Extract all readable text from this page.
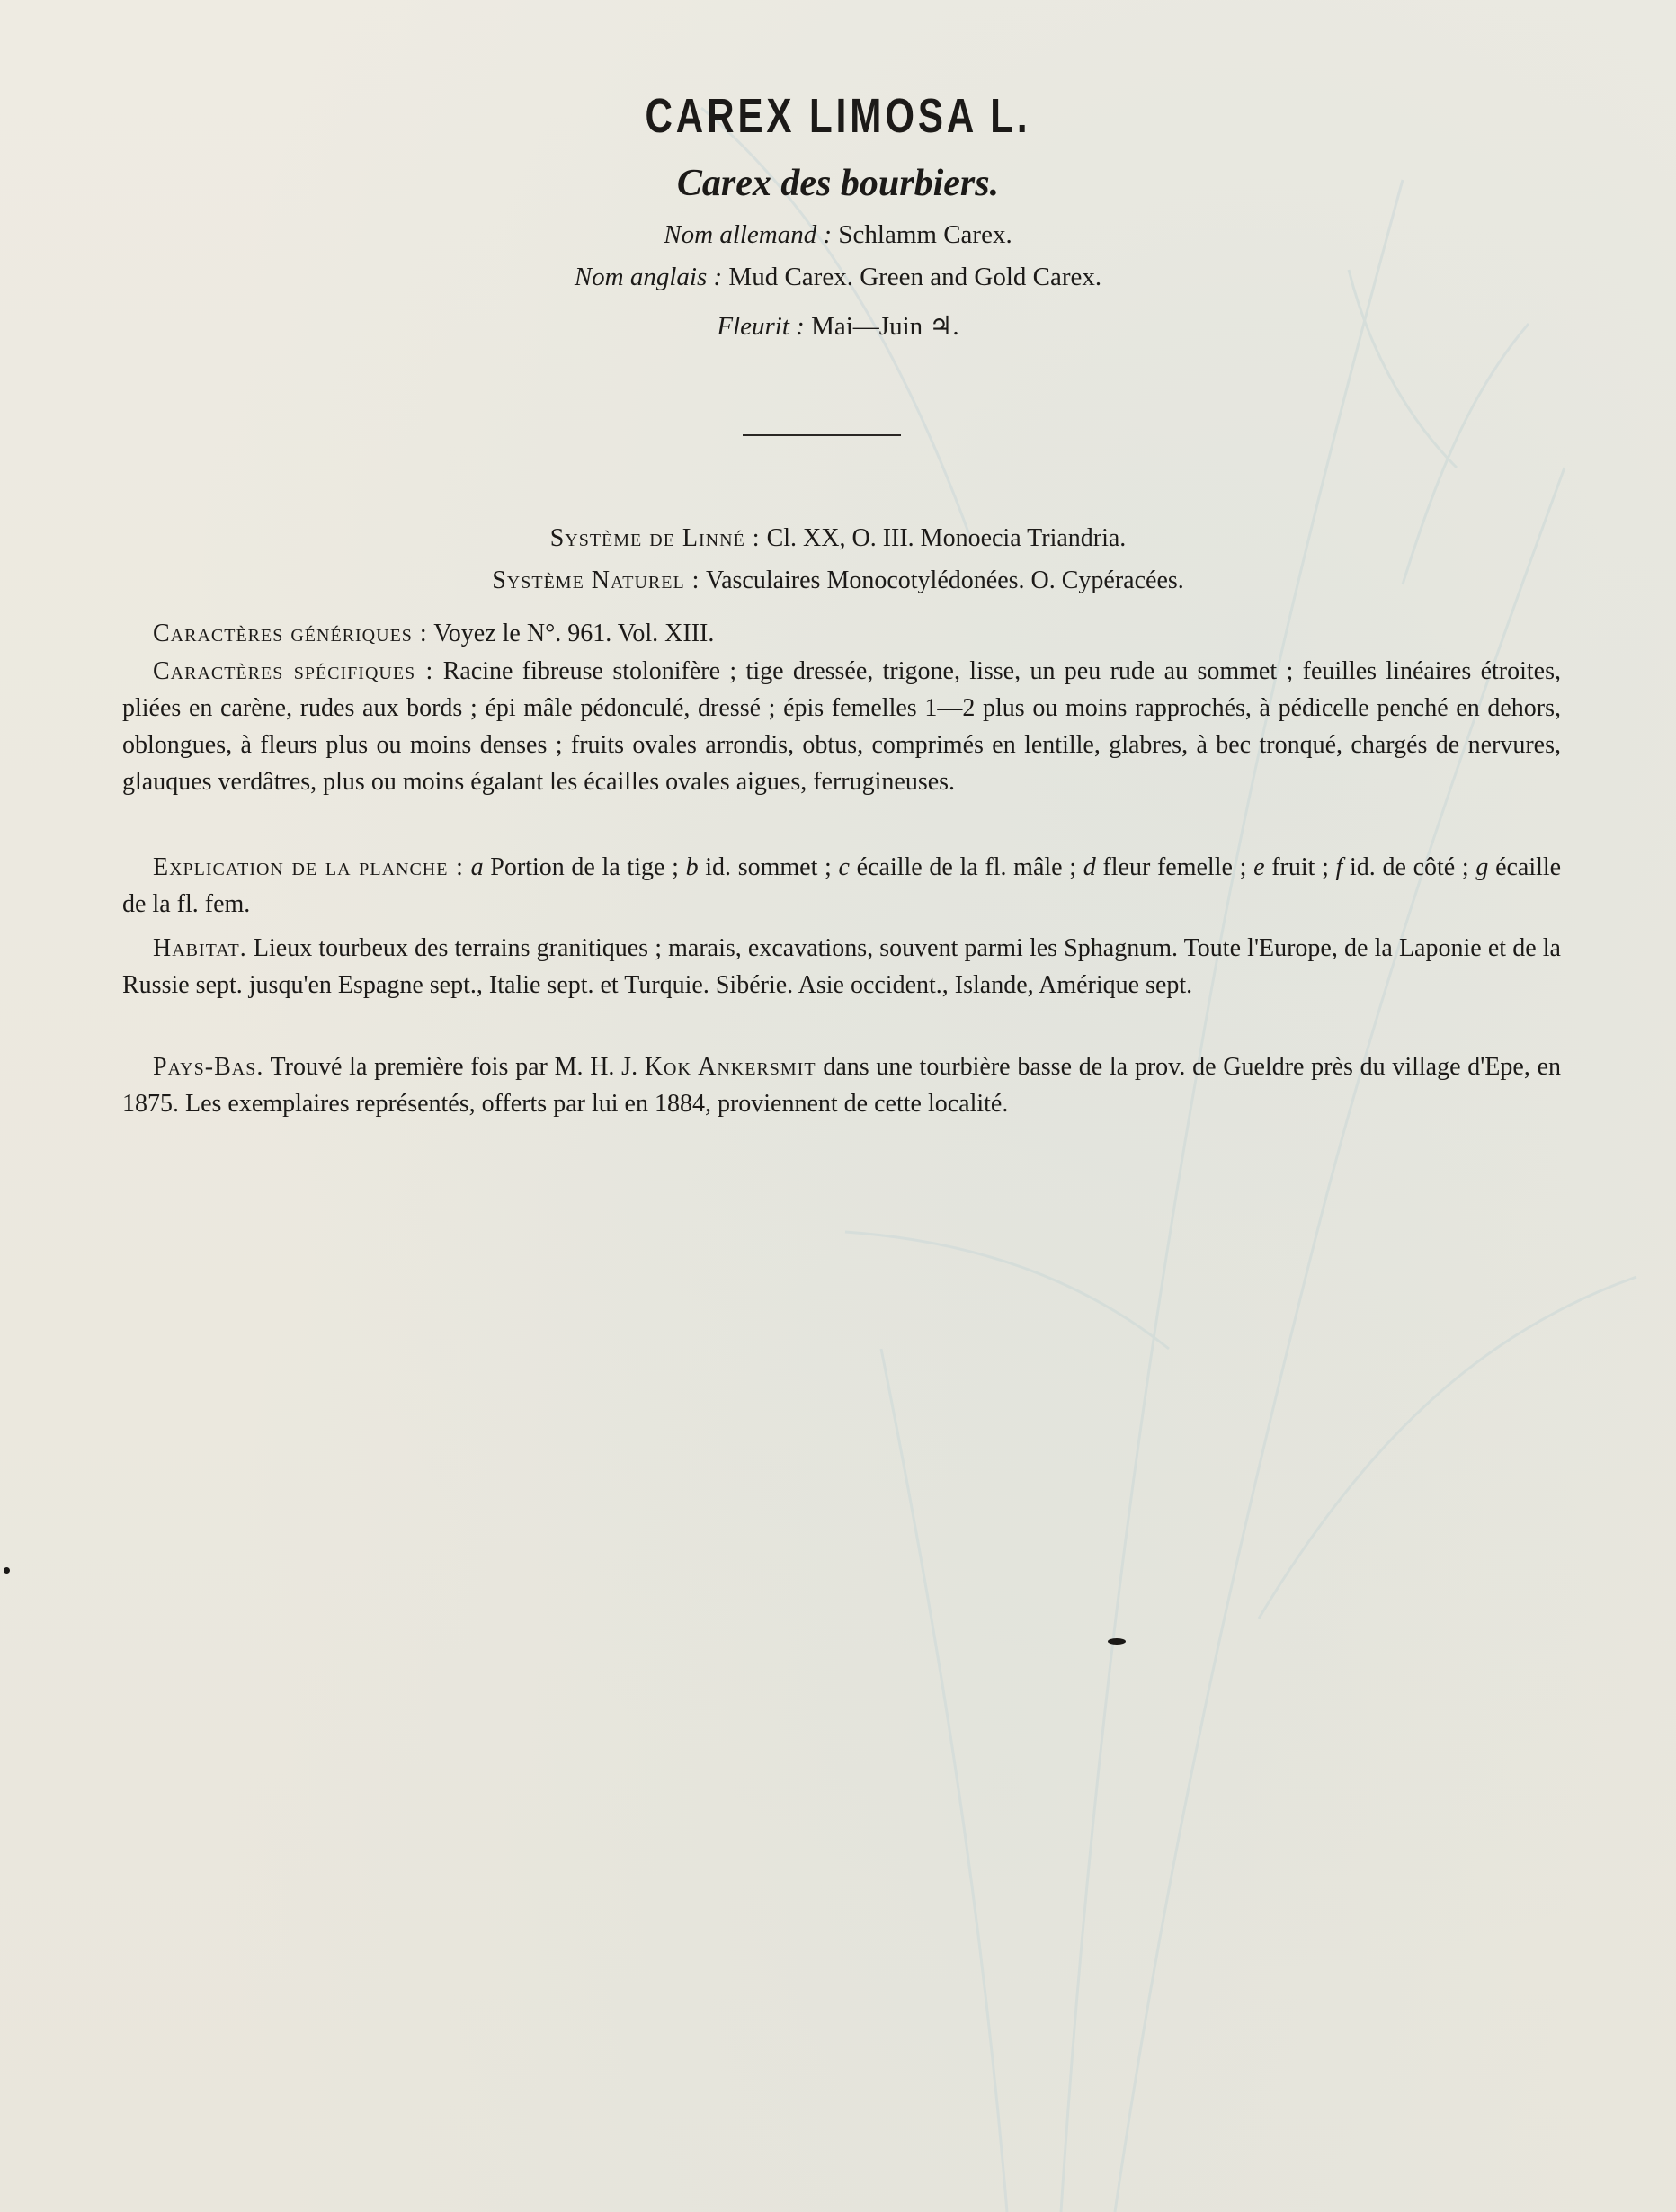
CAREX LIMOSA L.
Carex des bourbiers.
Nom allemand : Schlamm Carex.
Nom anglais : Mud Carex. Green and Gold Carex.
Fleurit : Mai—Juin ♃.
Système de Linné : Cl. XX, O. III. Monoecia Triandria.
Système Naturel : Vasculaires Monocotylédonées. O. Cypéracées.
Caractères génériques : Voyez le N°. 961. Vol. XIII.
Caractères spécifiques : Racine fibreuse stolonifère ; tige dressée, trigone, lisse, un peu rude au sommet ; feuilles linéaires étroites, pliées en carène, rudes aux bords ; épi mâle pédonculé, dressé ; épis femelles 1—2 plus ou moins rapprochés, à pédicelle penché en dehors, oblongues, à fleurs plus ou moins denses ; fruits ovales arrondis, obtus, comprimés en lentille, glabres, à bec tronqué, chargés de nervures, glauques verdâtres, plus ou moins égalant les écailles ovales aigues, ferrugineuses.
Explication de la planche : a Portion de la tige ; b id. sommet ; c écaille de la fl. mâle ; d fleur femelle ; e fruit ; f id. de côté ; g écaille de la fl. fem.
Habitat. Lieux tourbeux des terrains granitiques ; marais, excavations, souvent parmi les Sphagnum. Toute l'Europe, de la Laponie et de la Russie sept. jusqu'en Espagne sept., Italie sept. et Turquie. Sibérie. Asie occident., Islande, Amérique sept.
Pays-Bas. Trouvé la première fois par M. H. J. Kok Ankersmit dans une tourbière basse de la prov. de Gueldre près du village d'Epe, en 1875. Les exemplaires représentés, offerts par lui en 1884, proviennent de cette localité.
